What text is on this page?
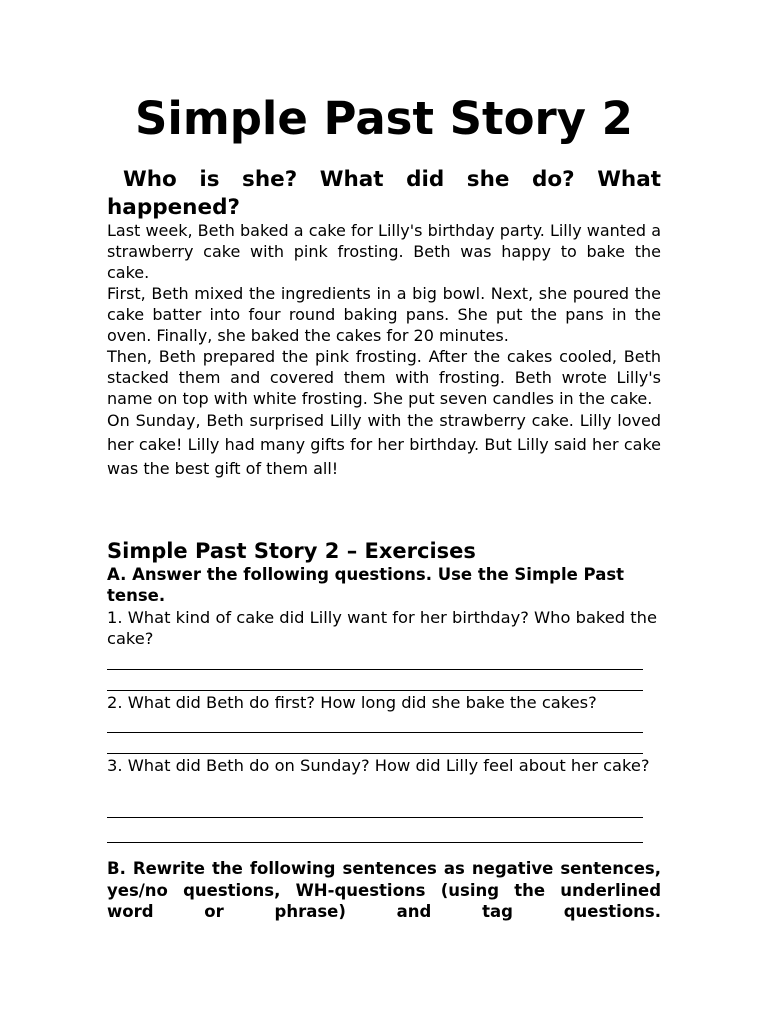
Simple Past Story 2
Who is she? What did she do? What happened?

Last week, Beth baked a cake for Lilly's birthday party. Lilly wanted a strawberry cake with pink frosting. Beth was happy to bake the cake.

First, Beth mixed the ingredients in a big bowl. Next, she poured the cake batter into four round baking pans. She put the pans in the oven. Finally, she baked the cakes for 20 minutes.

Then, Beth prepared the pink frosting. After the cakes cooled, Beth stacked them and covered them with frosting. Beth wrote Lilly's name on top with white frosting. She put seven candles in the cake.

On Sunday, Beth surprised Lilly with the strawberry cake. Lilly loved her cake! Lilly had many gifts for her birthday. But Lilly said her cake was the best gift of them all!

Simple Past Story 2 – Exercises

A. Answer the following questions. Use the Simple Past tense.

1. What kind of cake did Lilly want for her birthday? Who baked the cake?

2. What did Beth do first? How long did she bake the cakes?

3. What did Beth do on Sunday? How did Lilly feel about her cake?

B. Rewrite the following sentences as negative sentences, yes/no questions, WH-questions (using the underlined word or phrase) and tag questions.
